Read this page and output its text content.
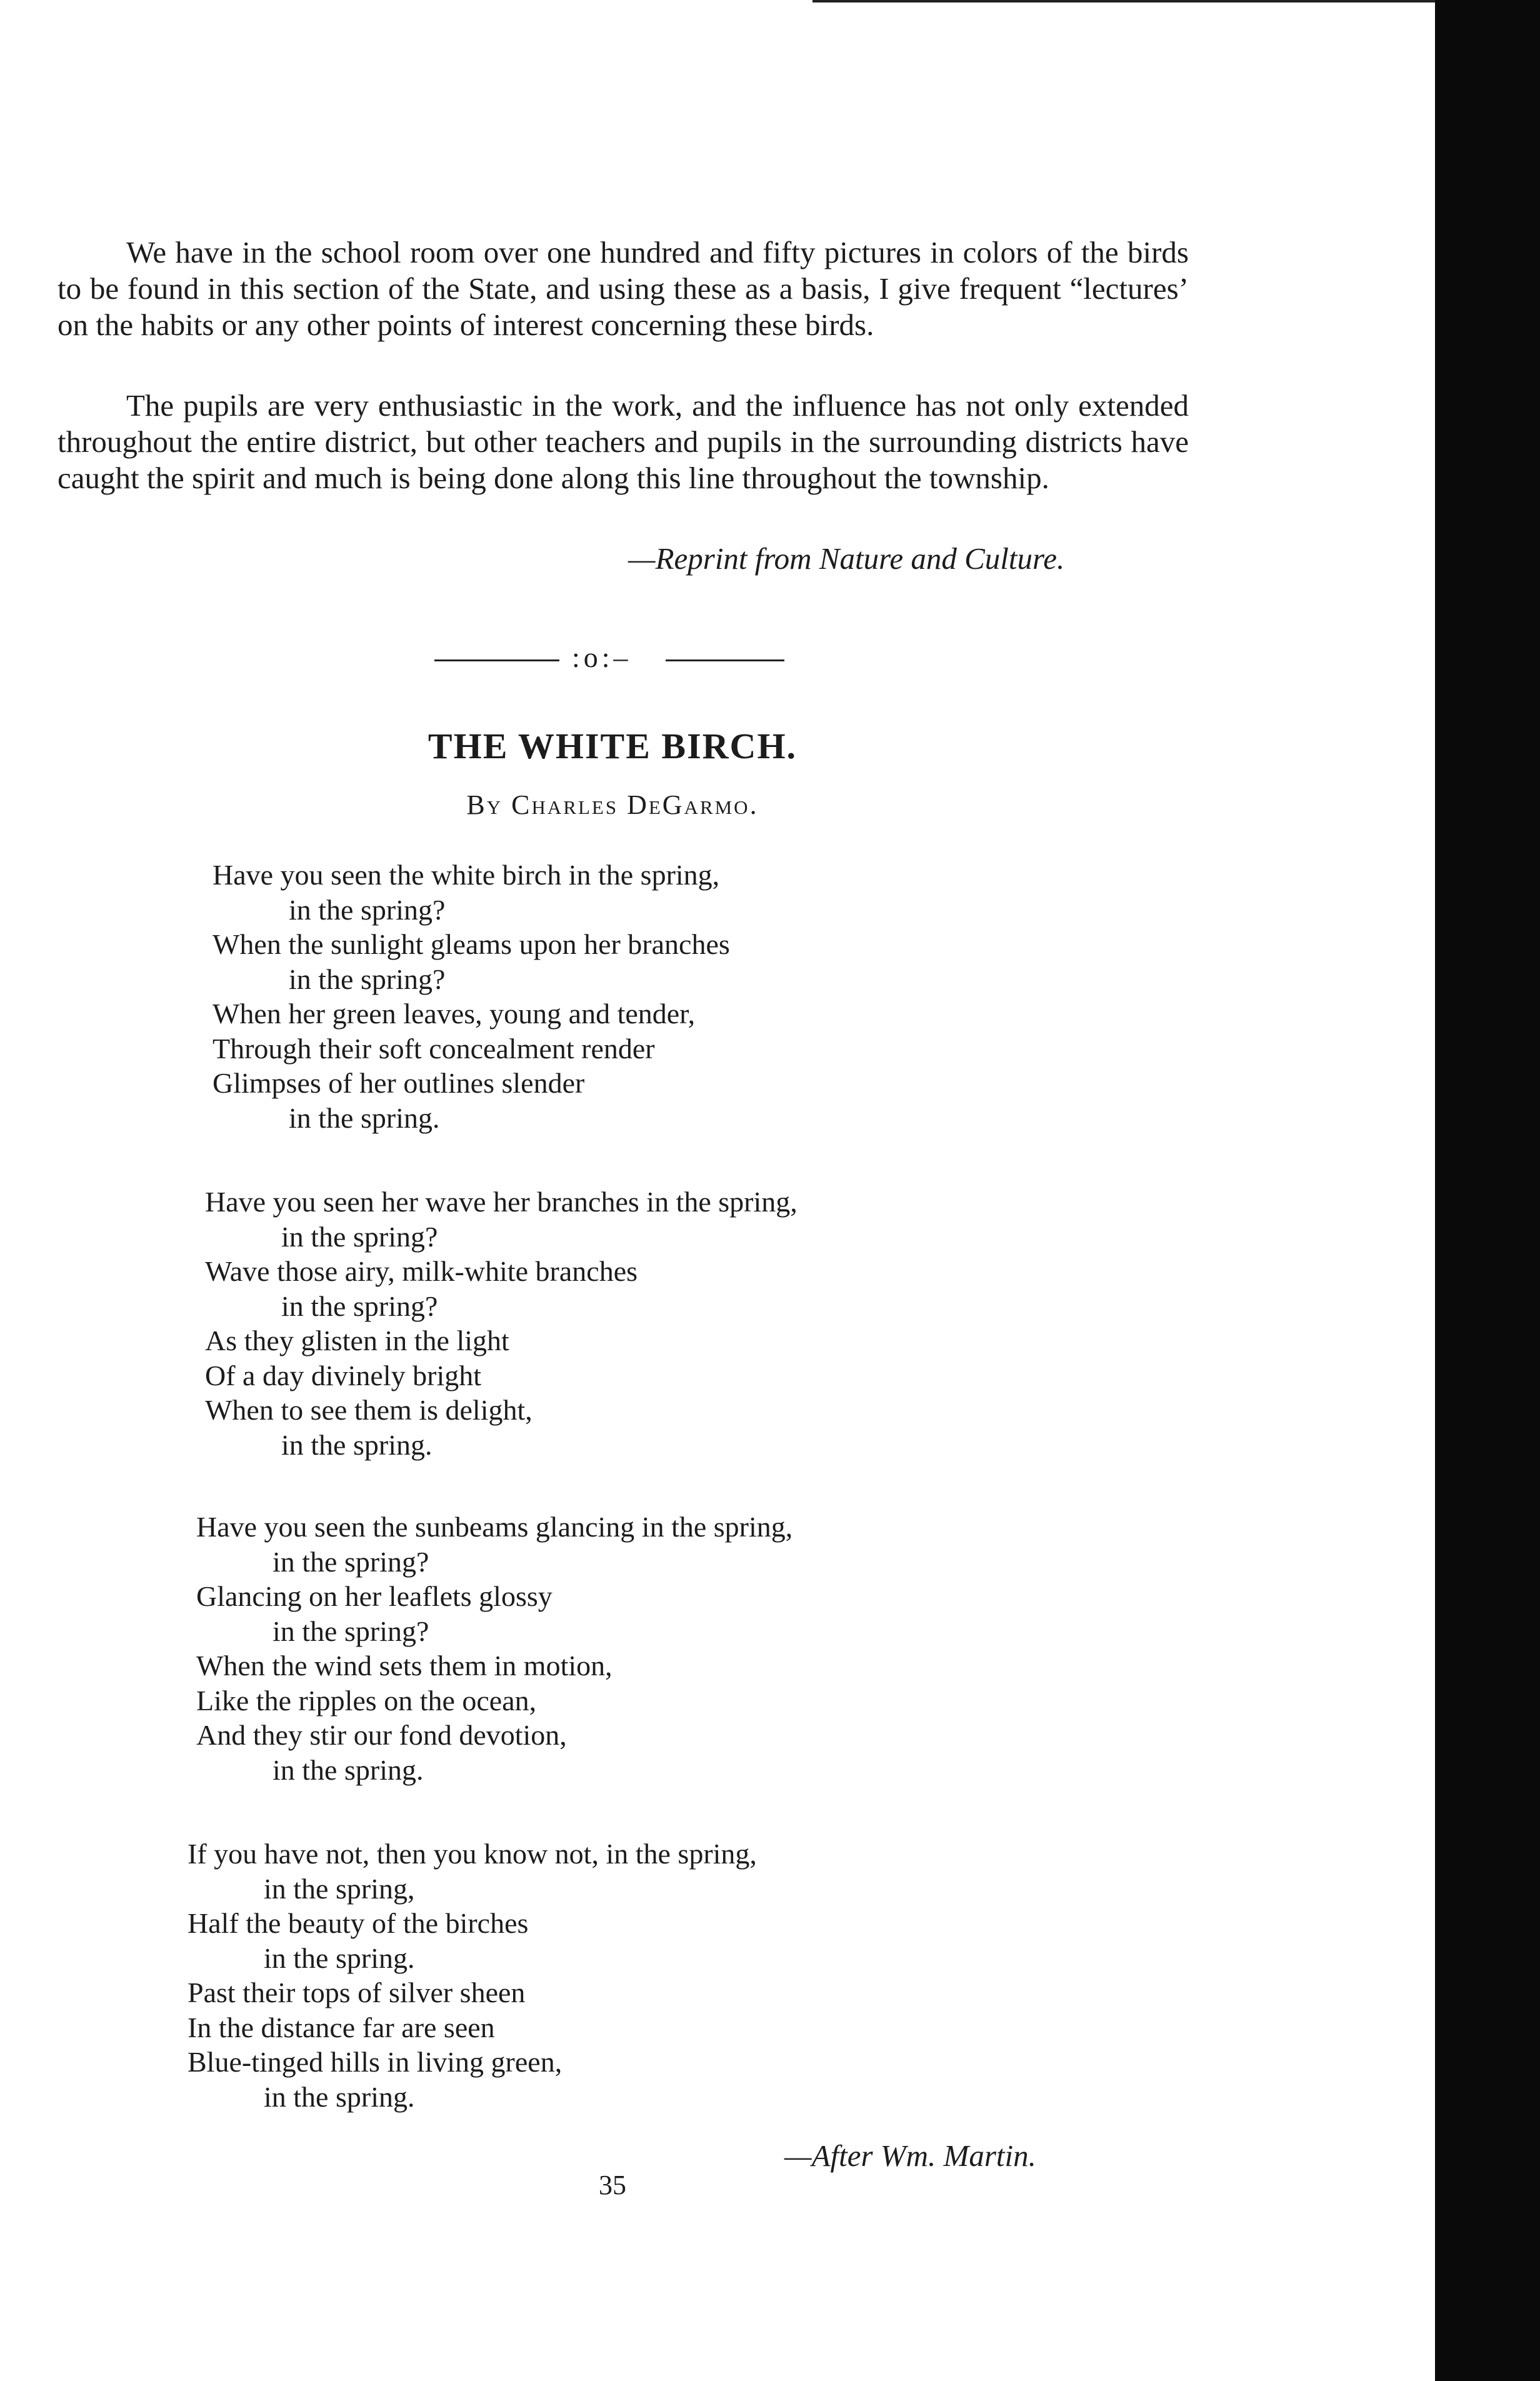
We have in the school room over one hundred and fifty pictures in colors of the birds to be found in this section of the State, and using these as a basis, I give frequent “lectures’ on the habits or any other points of interest concerning these birds.

The pupils are very enthusiastic in the work, and the influence has not only extended throughout the entire district, but other teachers and pupils in the surrounding districts have caught the spirit and much is being done along this line throughout the township.

—Reprint from Nature and Culture.
:o:–
THE WHITE BIRCH.
By Charles DeGarmo.
Have you seen the white birch in the spring,
in the spring?
When the sunlight gleams upon her branches
in the spring?
When her green leaves, young and tender,
Through their soft concealment render
Glimpses of her outlines slender
in the spring.
Have you seen her wave her branches in the spring,
in the spring?
Wave those airy, milk-white branches
in the spring?
As they glisten in the light
Of a day divinely bright
When to see them is delight,
in the spring.
Have you seen the sunbeams glancing in the spring,
in the spring?
Glancing on her leaflets glossy
in the spring?
When the wind sets them in motion,
Like the ripples on the ocean,
And they stir our fond devotion,
in the spring.
If you have not, then you know not, in the spring,
in the spring,
Half the beauty of the birches
in the spring.
Past their tops of silver sheen
In the distance far are seen
Blue-tinged hills in living green,
in the spring.
—After Wm. Martin.
35
